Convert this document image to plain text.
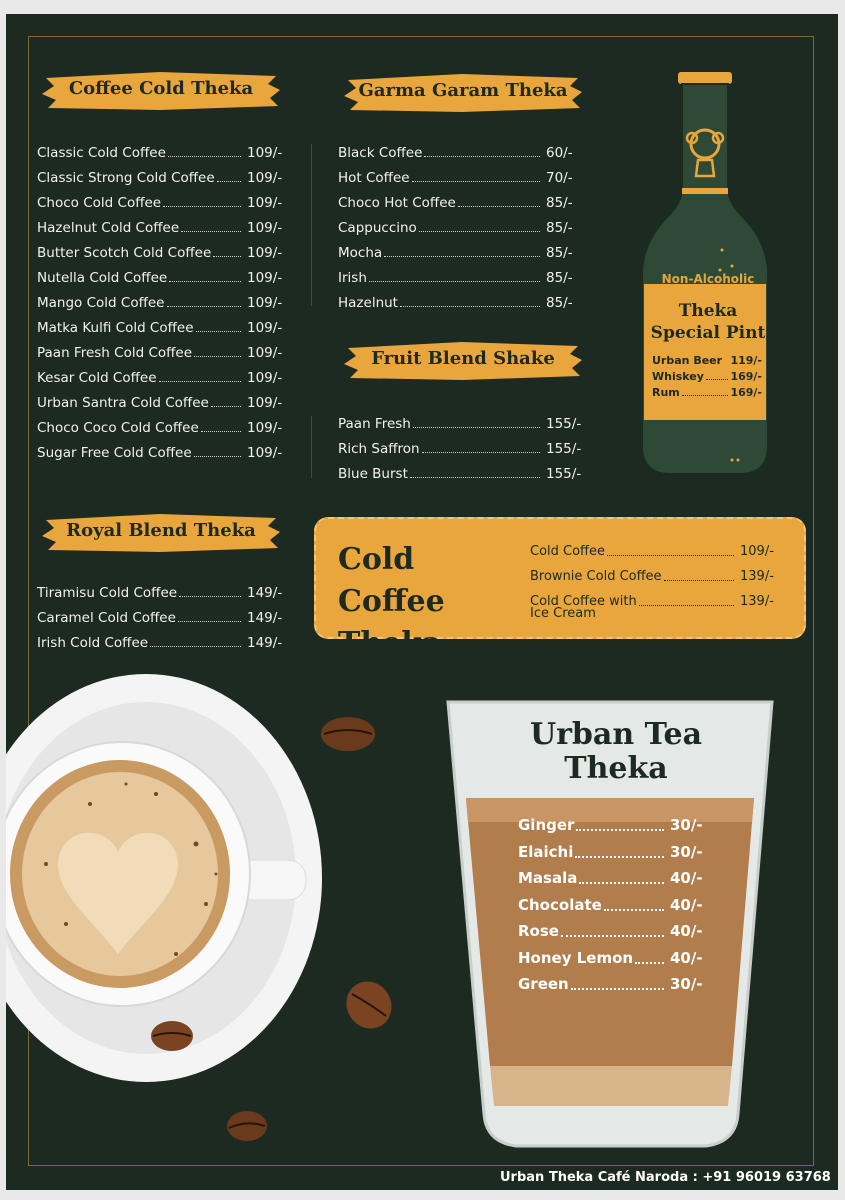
Coffee Cold Theka	Garma Garam Theka
Fruit Blend Shake
Royal Blend Theka
Classic Cold Coffee	109/-
Classic Strong Cold Coffee 109/-
Choco Cold Coffee	109/-
Hazelnut Cold Coffee	109/-
Butter Scotch Cold Coffee	109/-
Nutella Cold Coffee	109/-
Mango Cold Coffee	109/-
Matka Kulfi Cold Coffee	109/-
Paan Fresh Cold Coffee	109/-
Kesar Cold Coffee	109/-
Urban Santra Cold Coffee	109/-
Choco Coco Cold Coffee	109/-
Sugar Free Cold Coffee	109/-
Black Coffee	60/-
Hot Coffee	70/-
Choco Hot Coffee	85/-
Cappuccino	85/-
Mocha	85/-
Irish	85/-
Hazelnut	85/-
Paan Fresh	155/-
Rich Saffron	155/-
Blue Burst	155/-
Tiramisu Cold Coffee	149/-
Caramel Cold Coffee	149/-
Irish Cold Coffee	149/-
Non-Alcoholic
Theka
Special Pint
Urban Beer 119/-
Whiskey 169/-
Rum	169/-
Cold Coffee
Theka
Cold Coffee	109/-
Brownie Cold Coffee	139/-
Cold Coffee with	139/-
Ice Cream
Urban Tea
Theka
Ginger	30/-
Elaichi	30/-
Masala	40/-
Chocolate	40/-
Rose	40/-
Honey Lemon 40/-
Green	30/-
Urban Theka Café Naroda : +91 96019 63768
